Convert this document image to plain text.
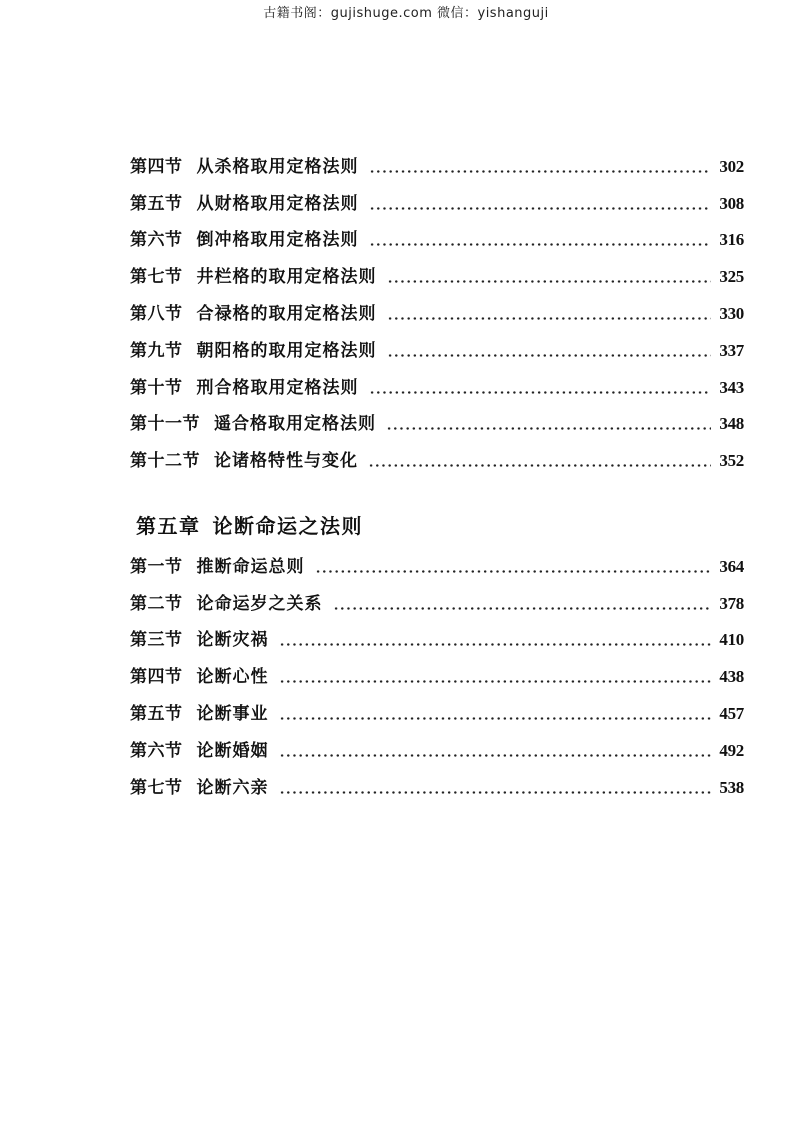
古籍书阁：gujishuge.com 微信：yishanguji
第四节 从杀格取用定格法则	302
第五节 从财格取用定格法则	308
第六节 倒冲格取用定格法则	316
第七节 井栏格的取用定格法则	325
第八节 合禄格的取用定格法则	330
第九节 朝阳格的取用定格法则	337
第十节 刑合格取用定格法则	343
第十一节 遥合格取用定格法则	348
第十二节 论诸格特性与变化	352
第五章 论断命运之法则
第一节 推断命运总则	364
第二节 论命运岁之关系	378
第三节 论断灾祸	410
第四节 论断心性	438
第五节 论断事业	457
第六节 论断婚姻	492
第七节 论断六亲	538
